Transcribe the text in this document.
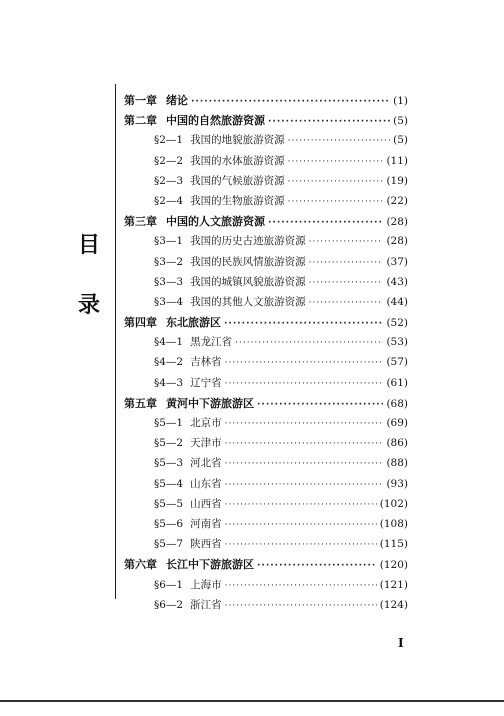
目
录
第一章 绪论 ·····	(1)
第二章 中国的自然旅游资源 ·····	(5)
§2—1 我国的地貌旅游资源 ·····	(5)
§2—2 我国的水体旅游资源 ·····	(11)
§2—3 我国的气候旅游资源 ·····	(19)
§2—4 我国的生物旅游资源 ·····	(22)
第三章 中国的人文旅游资源 ·····	(28)
§3—1 我国的历史古迹旅游资源 ·····	(28)
§3—2 我国的民族风情旅游资源 ·····	(37)
§3—3 我国的城镇风貌旅游资源 ·····	(43)
§3—4 我国的其他人文旅游资源 ·····	(44)
第四章 东北旅游区 ·····	(52)
§4—1 黑龙江省 ·····	(53)
§4—2 吉林省 ·····	(57)
§4—3 辽宁省 ·····	(61)
第五章 黄河中下游旅游区 ·····	(68)
§5—1 北京市 ·····	(69)
§5—2 天津市 ·····	(86)
§5—3 河北省 ·····	(88)
§5—4 山东省 ·····	(93)
§5—5 山西省 ·····	(102)
§5—6 河南省 ·····	(108)
§5—7 陕西省 ·····	(115)
第六章 长江中下游旅游区 ·····	(120)
§6—1 上海市 ·····	(121)
§6—2 浙江省 ·····	(124)
I
